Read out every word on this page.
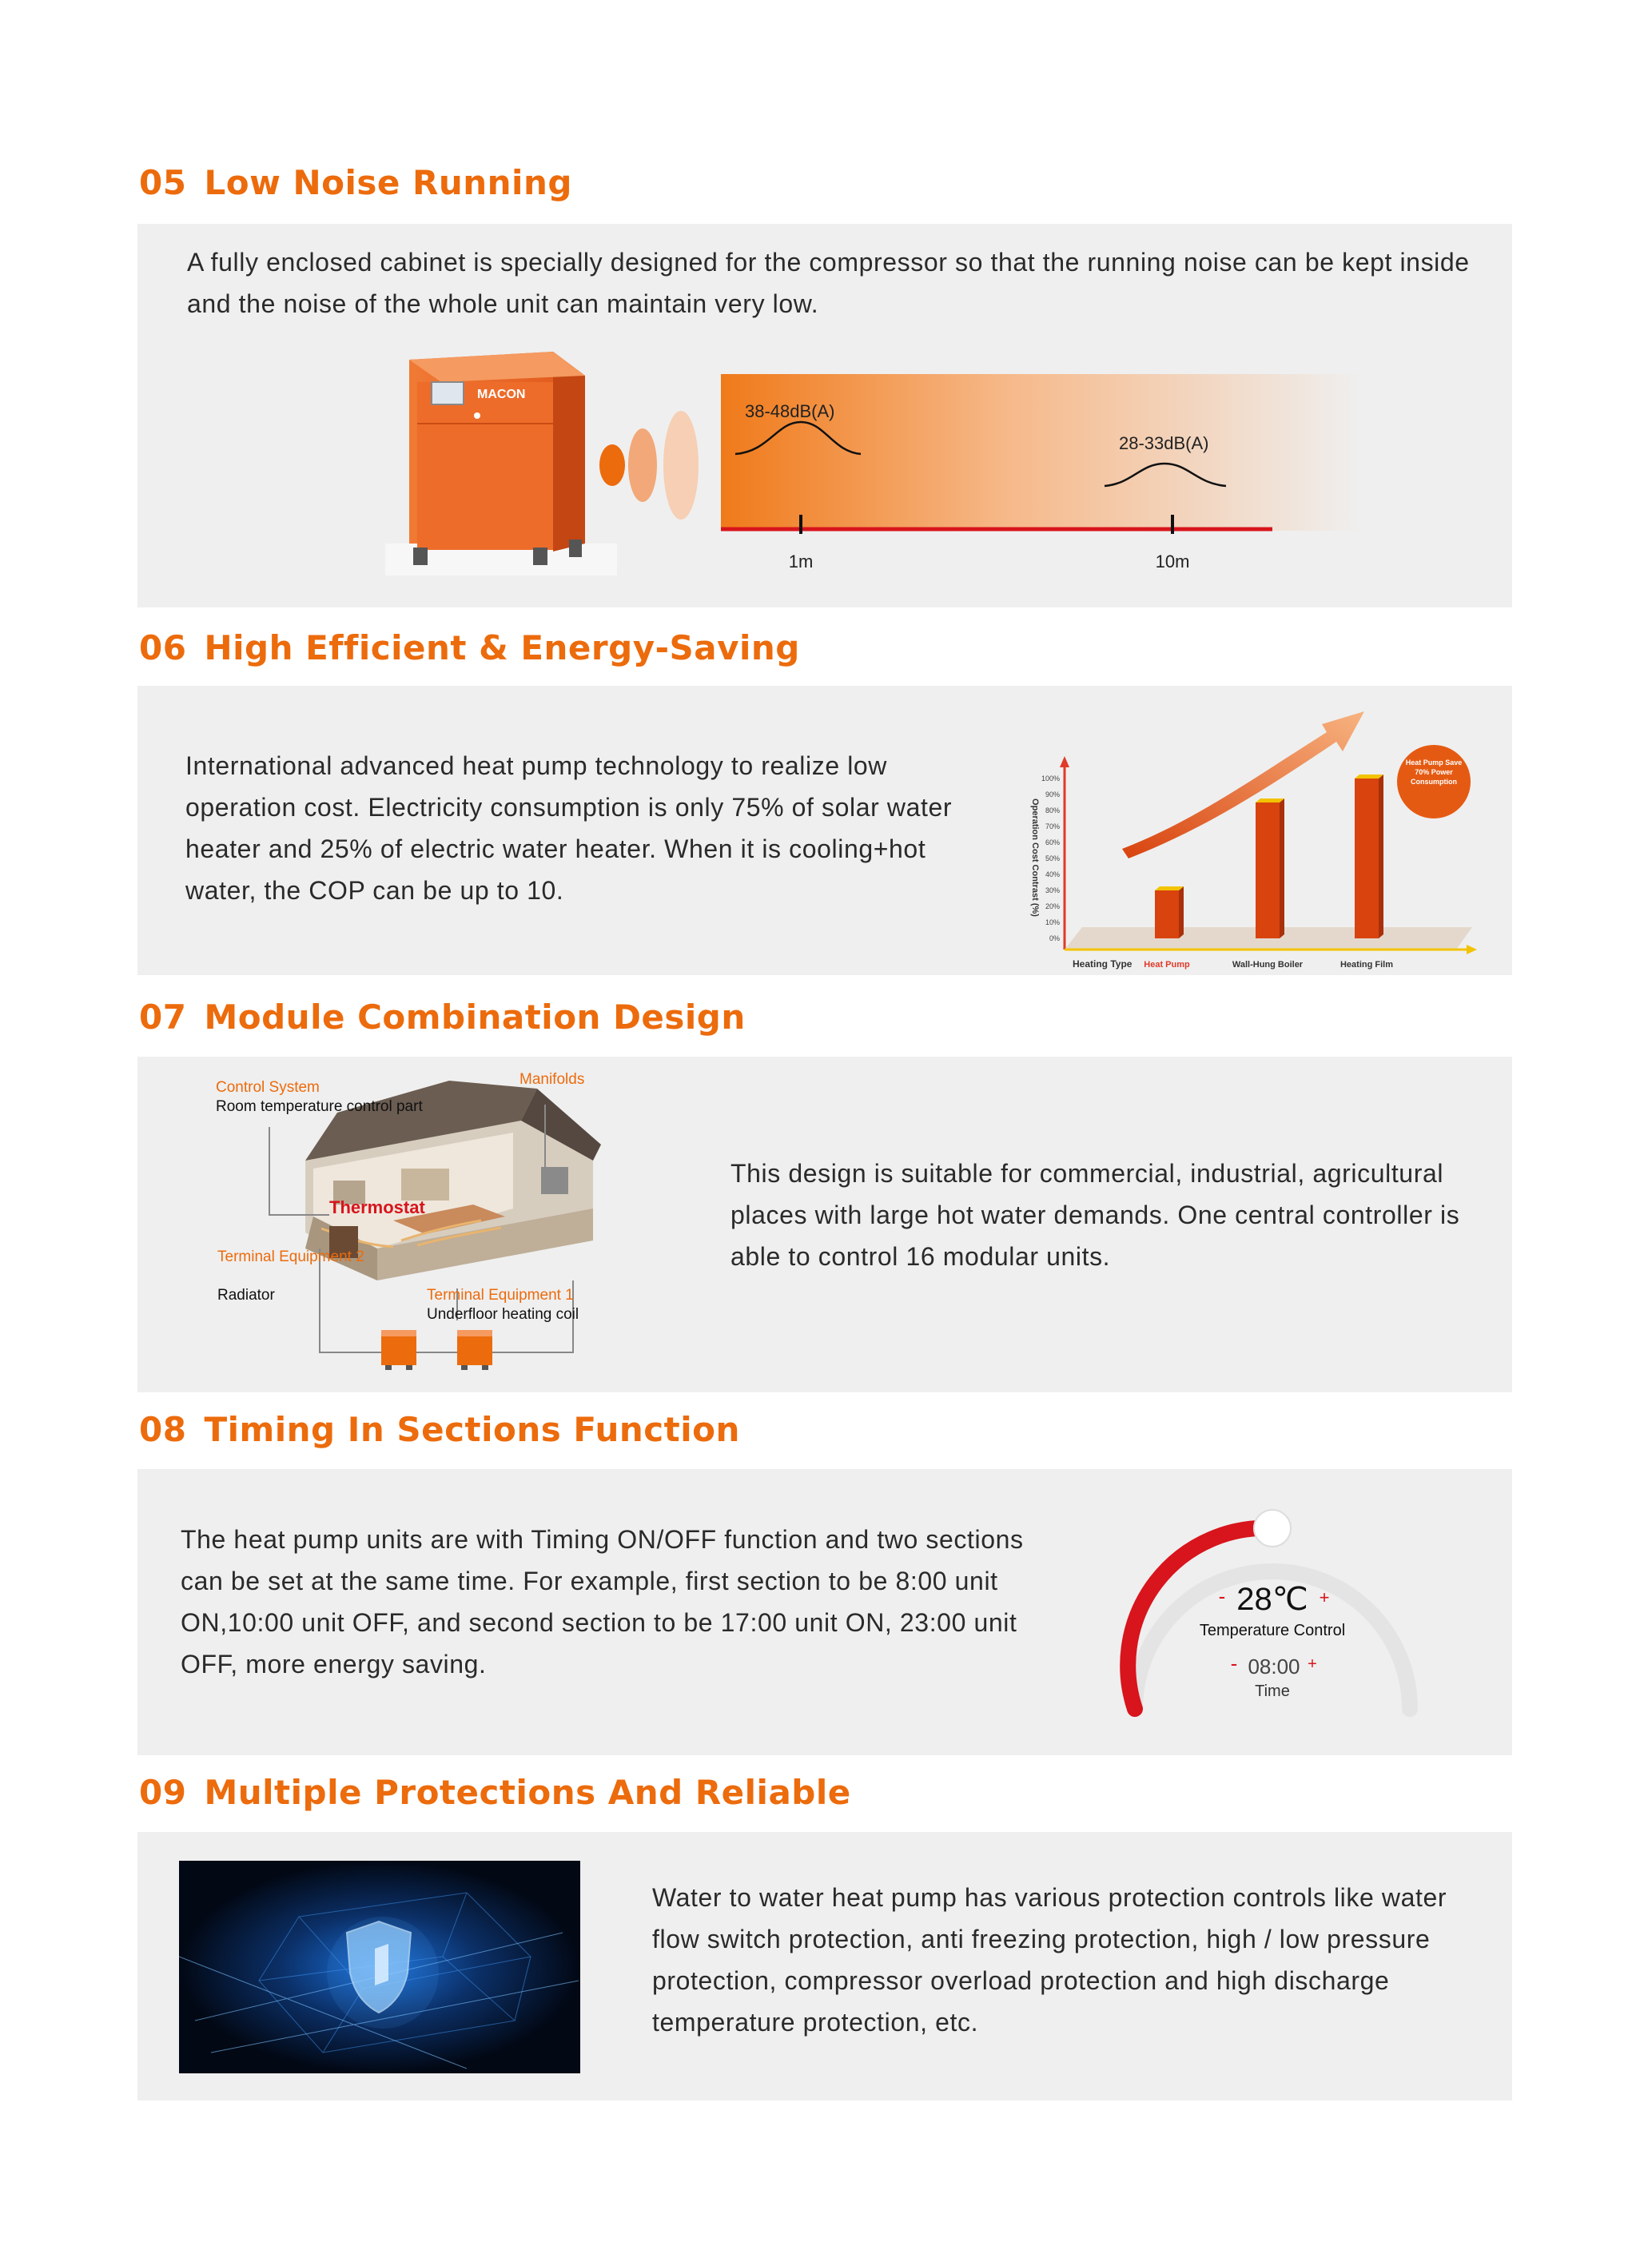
05 Low Noise Running
A fully enclosed cabinet is specially designed for the compressor so that the running noise can be kept inside and the noise of the whole unit can maintain very low.
MACON
38-48dB(A)
28-33dB(A)
1m	10m
06 High Efficient & Energy-Saving
International advanced heat pump technology to realize low operation cost. Electricity consumption is only 75% of solar water heater and 25% of electric water heater. When it is cooling+hot water, the COP can be up to 10.
0%
10%
20%
30%
40%
50%
60%
70%
80%
90%
100%
Heat Pump	Wall-Hung Boiler	Heating Film
Operation Cost Contrast (%)
Heating Type
Heat Pump Save 70% Power Consumption
07 Module Combination Design
Control System
Room temperature control part
Manifolds
Thermostat
Terminal Equipment 2
Radiator	Terminal Equipment 1
Underfloor heating coil
This design is suitable for commercial, industrial, agricultural places with large hot water demands. One central controller is able to control 16 modular units.
08 Timing In Sections Function
The heat pump units are with Timing ON/OFF function and two sections can be set at the same time. For example, first section to be 8:00 unit ON,10:00 unit OFF, and second section to be 17:00 unit ON, 23:00 unit OFF, more energy saving.
- 28℃ +
Temperature Control
- 08:00 +
Time
09 Multiple Protections And Reliable
Water to water heat pump has various protection controls like water flow switch protection, anti freezing protection, high / low pressure protection, compressor overload protection and high discharge temperature protection, etc.
